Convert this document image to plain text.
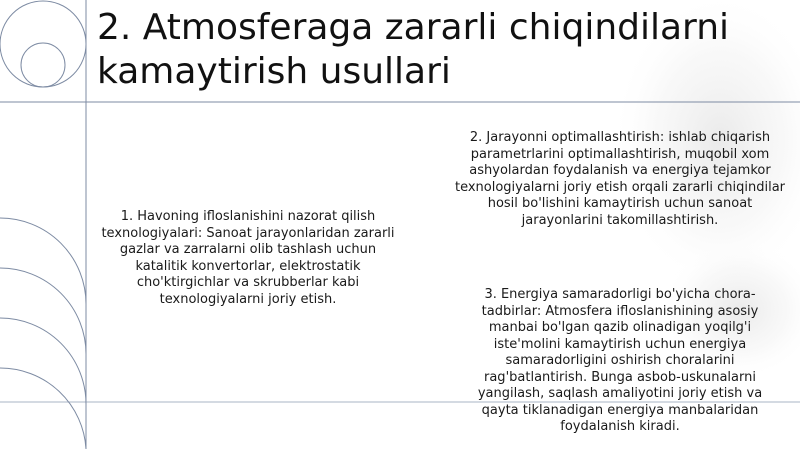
2. Atmosferaga zararli chiqindilarni kamaytirish usullari

1. Havoning ifloslanishini nazorat qilish texnologiyalari: Sanoat jarayonlaridan zararli gazlar va zarralarni olib tashlash uchun katalitik konvertorlar, elektrostatik cho'ktirgichlar va skrubberlar kabi texnologiyalarni joriy etish.

2. Jarayonni optimallashtirish: ishlab chiqarish parametrlarini optimallashtirish, muqobil xom ashyolardan foydalanish va energiya tejamkor texnologiyalarni joriy etish orqali zararli chiqindilar hosil bo'lishini kamaytirish uchun sanoat jarayonlarini takomillashtirish.

3. Energiya samaradorligi bo'yicha chora-tadbirlar: Atmosfera ifloslanishining asosiy manbai bo'lgan qazib olinadigan yoqilg'i iste'molini kamaytirish uchun energiya samaradorligini oshirish choralarini rag'batlantirish. Bunga asbob-uskunalarni yangilash, saqlash amaliyotini joriy etish va qayta tiklanadigan energiya manbalaridan foydalanish kiradi.
